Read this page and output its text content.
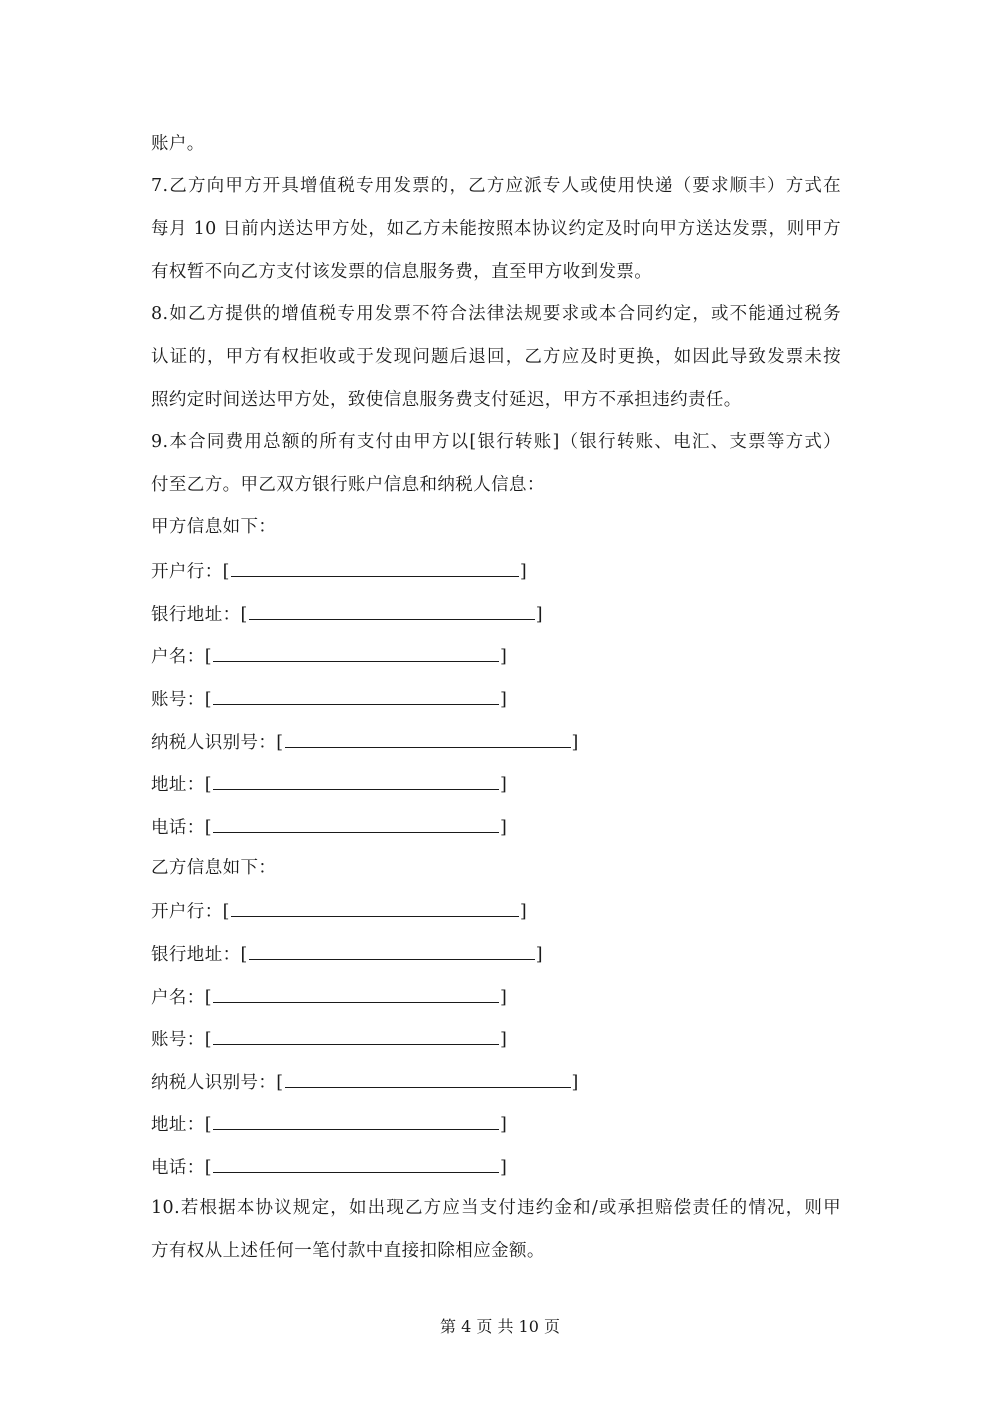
账户。
7.乙方向甲方开具增值税专用发票的，乙方应派专人或使用快递（要求顺丰）方式在
每月 10 日前内送达甲方处，如乙方未能按照本协议约定及时向甲方送达发票，则甲方
有权暂不向乙方支付该发票的信息服务费，直至甲方收到发票。
8.如乙方提供的增值税专用发票不符合法律法规要求或本合同约定，或不能通过税务
认证的，甲方有权拒收或于发现问题后退回，乙方应及时更换，如因此导致发票未按
照约定时间送达甲方处，致使信息服务费支付延迟，甲方不承担违约责任。
9.本合同费用总额的所有支付由甲方以[银行转账]（银行转账、电汇、支票等方式）
付至乙方。甲乙双方银行账户信息和纳税人信息：
甲方信息如下：
开户行：[	]
银行地址：[	]
户名：[	]
账号：[	]
纳税人识别号：[	]
地址：[	]
电话：[	]
乙方信息如下：
开户行：[	]
银行地址：[	]
户名：[	]
账号：[	]
纳税人识别号：[	]
地址：[	]
电话：[	]
10.若根据本协议规定，如出现乙方应当支付违约金和/或承担赔偿责任的情况，则甲
方有权从上述任何一笔付款中直接扣除相应金额。
第 4 页 共 10 页
